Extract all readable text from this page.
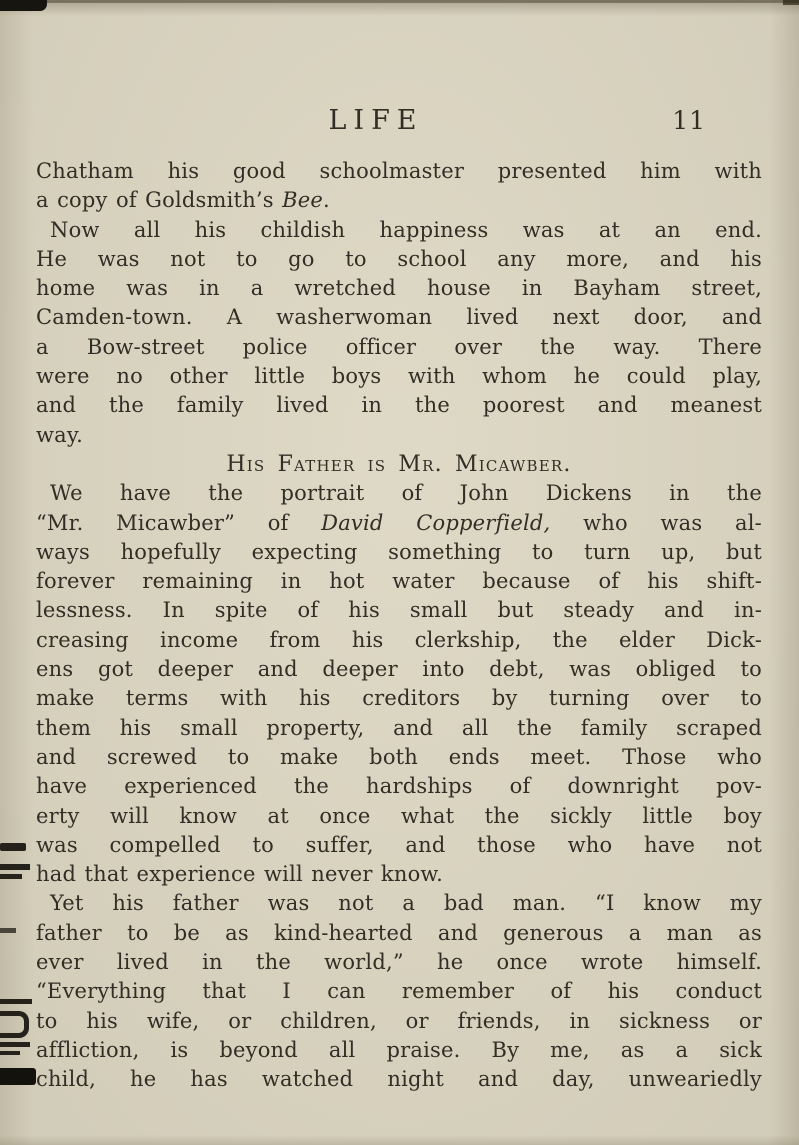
LIFE	11
Chatham his good schoolmaster presented him with
a copy of Goldsmith’s Bee.
Now all his childish happiness was at an end.
He was not to go to school any more, and his
home was in a wretched house in Bayham street,
Camden-town. A washerwoman lived next door, and
a Bow-street police officer over the way. There
were no other little boys with whom he could play,
and the family lived in the poorest and meanest
way.
His Father is Mr. Micawber.
We have the portrait of John Dickens in the
“Mr. Micawber” of David Copperfield, who was al-
ways hopefully expecting something to turn up, but
forever remaining in hot water because of his shift-
lessness. In spite of his small but steady and in-
creasing income from his clerkship, the elder Dick-
ens got deeper and deeper into debt, was obliged to
make terms with his creditors by turning over to
them his small property, and all the family scraped
and screwed to make both ends meet. Those who
have experienced the hardships of downright pov-
erty will know at once what the sickly little boy
was compelled to suffer, and those who have not
had that experience will never know.
Yet his father was not a bad man. “I know my
father to be as kind-hearted and generous a man as
ever lived in the world,” he once wrote himself.
“Everything that I can remember of his conduct
to his wife, or children, or friends, in sickness or
affliction, is beyond all praise. By me, as a sick
child, he has watched night and day, unweariedly
